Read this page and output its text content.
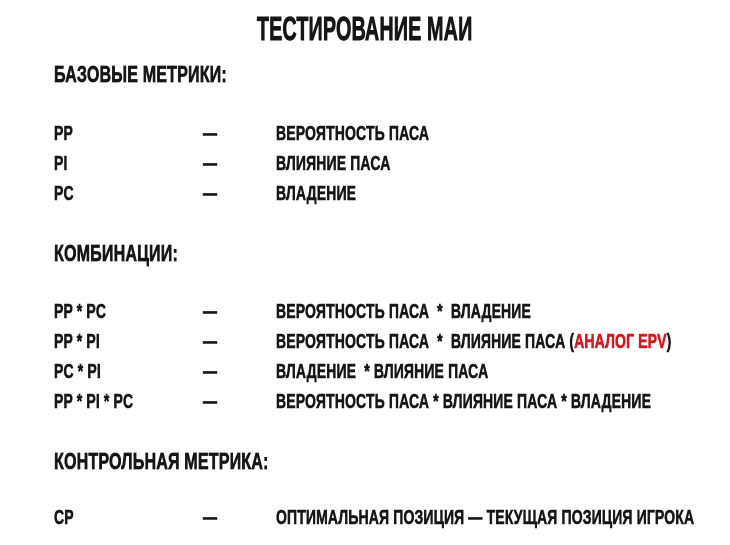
ТЕСТИРОВАНИЕ МАИ
БАЗОВЫЕ МЕТРИКИ:
PP	—	ВЕРОЯТНОСТЬ ПАСА
PI	—	ВЛИЯНИЕ ПАСА
PC	—	ВЛАДЕНИЕ
КОМБИНАЦИИ:
PP * PC	—	ВЕРОЯТНОСТЬ ПАСА  *  ВЛАДЕНИЕ
PP * PI	—	ВЕРОЯТНОСТЬ ПАСА  *  ВЛИЯНИЕ ПАСА (АНАЛОГ EPV)
PC * PI	—	ВЛАДЕНИЕ  * ВЛИЯНИЕ ПАСА
PP * PI * PC	—	ВЕРОЯТНОСТЬ ПАСА * ВЛИЯНИЕ ПАСА * ВЛАДЕНИЕ
КОНТРОЛЬНАЯ МЕТРИКА:
CP	—	ОПТИМАЛЬНАЯ ПОЗИЦИЯ — ТЕКУЩАЯ ПОЗИЦИЯ ИГРОКА
